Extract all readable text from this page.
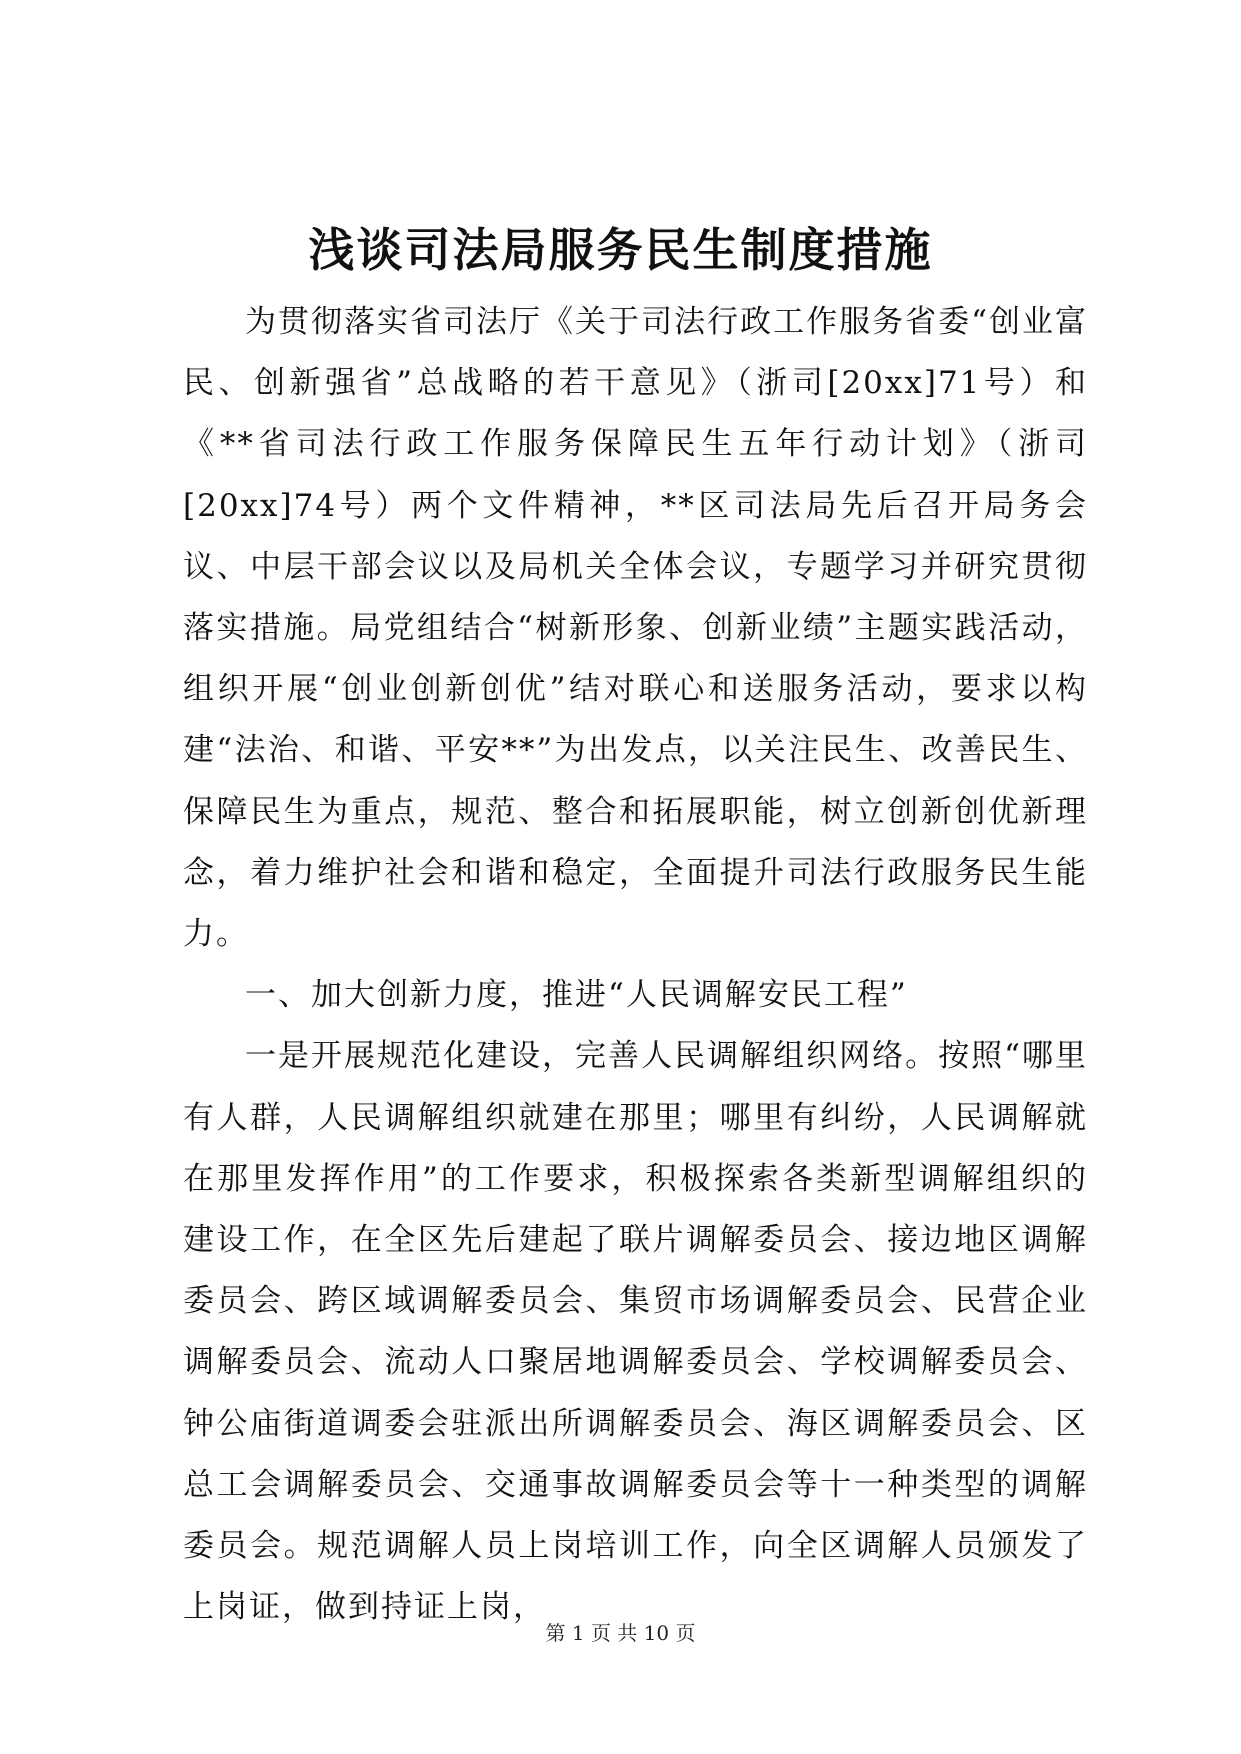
浅谈司法局服务民生制度措施

为贯彻落实省司法厅《关于司法行政工作服务省委“创业富民、创新强省”总战略的若干意见》（浙司[20xx]71号）和《**省司法行政工作服务保障民生五年行动计划》（浙司[20xx]74号）两个文件精神，**区司法局先后召开局务会议、中层干部会议以及局机关全体会议，专题学习并研究贯彻落实措施。局党组结合“树新形象、创新业绩”主题实践活动，组织开展“创业创新创优”结对联心和送服务活动，要求以构建“法治、和谐、平安**”为出发点，以关注民生、改善民生、保障民生为重点，规范、整合和拓展职能，树立创新创优新理念，着力维护社会和谐和稳定，全面提升司法行政服务民生能力。

一、加大创新力度，推进“人民调解安民工程”

一是开展规范化建设，完善人民调解组织网络。按照“哪里有人群，人民调解组织就建在那里；哪里有纠纷，人民调解就在那里发挥作用”的工作要求，积极探索各类新型调解组织的建设工作，在全区先后建起了联片调解委员会、接边地区调解委员会、跨区域调解委员会、集贸市场调解委员会、民营企业调解委员会、流动人口聚居地调解委员会、学校调解委员会、钟公庙街道调委会驻派出所调解委员会、海区调解委员会、区总工会调解委员会、交通事故调解委员会等十一种类型的调解委员会。规范调解人员上岗培训工作，向全区调解人员颁发了上岗证，做到持证上岗，

第 1 页 共 10 页
